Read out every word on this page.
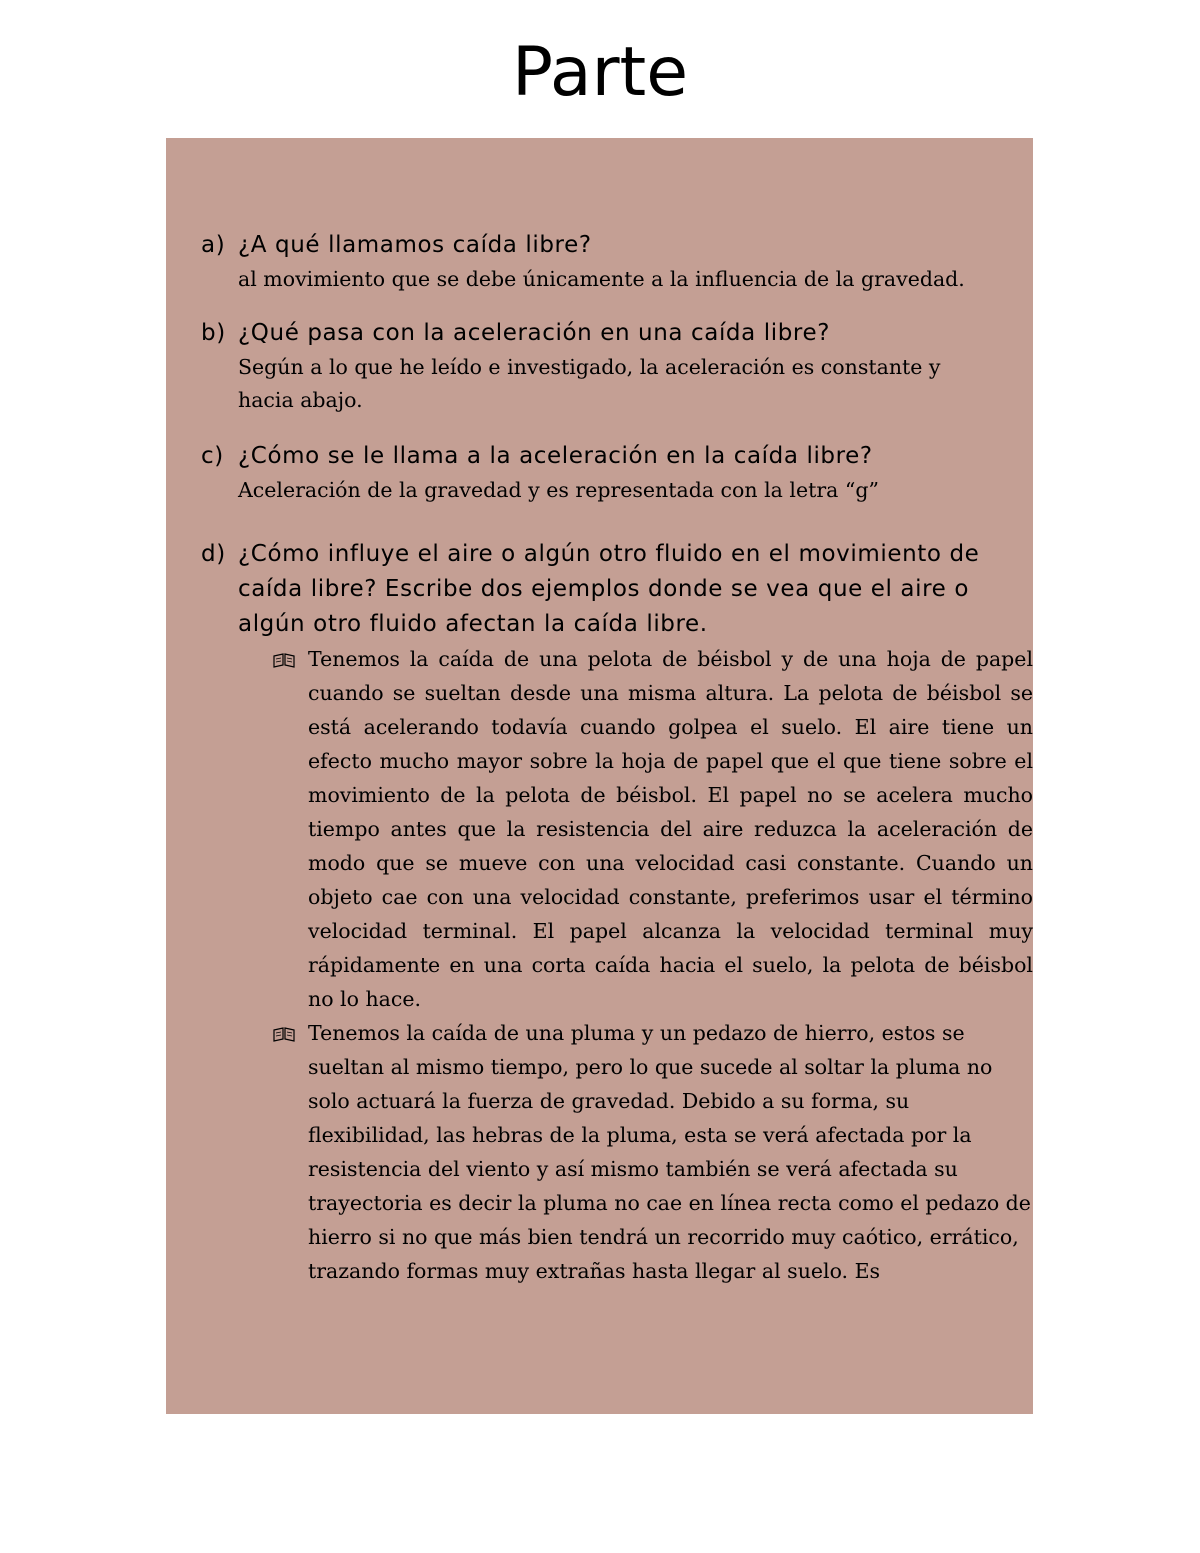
Parte
a) ¿A qué llamamos caída libre?
al movimiento que se debe únicamente a la influencia de la gravedad.
b) ¿Qué pasa con la aceleración en una caída libre?
Según a lo que he leído e investigado, la aceleración es constante y hacia abajo.
c) ¿Cómo se le llama a la aceleración en la caída libre?
Aceleración de la gravedad y es representada con la letra “g”
d) ¿Cómo influye el aire o algún otro fluido en el movimiento de caída libre? Escribe dos ejemplos donde se vea que el aire o algún otro fluido afectan la caída libre.
Tenemos la caída de una pelota de béisbol y de una hoja de papel cuando se sueltan desde una misma altura. La pelota de béisbol se está acelerando todavía cuando golpea el suelo. El aire tiene un efecto mucho mayor sobre la hoja de papel que el que tiene sobre el movimiento de la pelota de béisbol. El papel no se acelera mucho tiempo antes que la resistencia del aire reduzca la aceleración de modo que se mueve con una velocidad casi constante. Cuando un objeto cae con una velocidad constante, preferimos usar el término velocidad terminal. El papel alcanza la velocidad terminal muy rápidamente en una corta caída hacia el suelo, la pelota de béisbol no lo hace.
Tenemos la caída de una pluma y un pedazo de hierro, estos se sueltan al mismo tiempo, pero lo que sucede al soltar la pluma no solo actuará la fuerza de gravedad. Debido a su forma, su flexibilidad, las hebras de la pluma, esta se verá afectada por la resistencia del viento y así mismo también se verá afectada su trayectoria es decir la pluma no cae en línea recta como el pedazo de hierro si no que más bien tendrá un recorrido muy caótico, errático, trazando formas muy extrañas hasta llegar al suelo. Es
